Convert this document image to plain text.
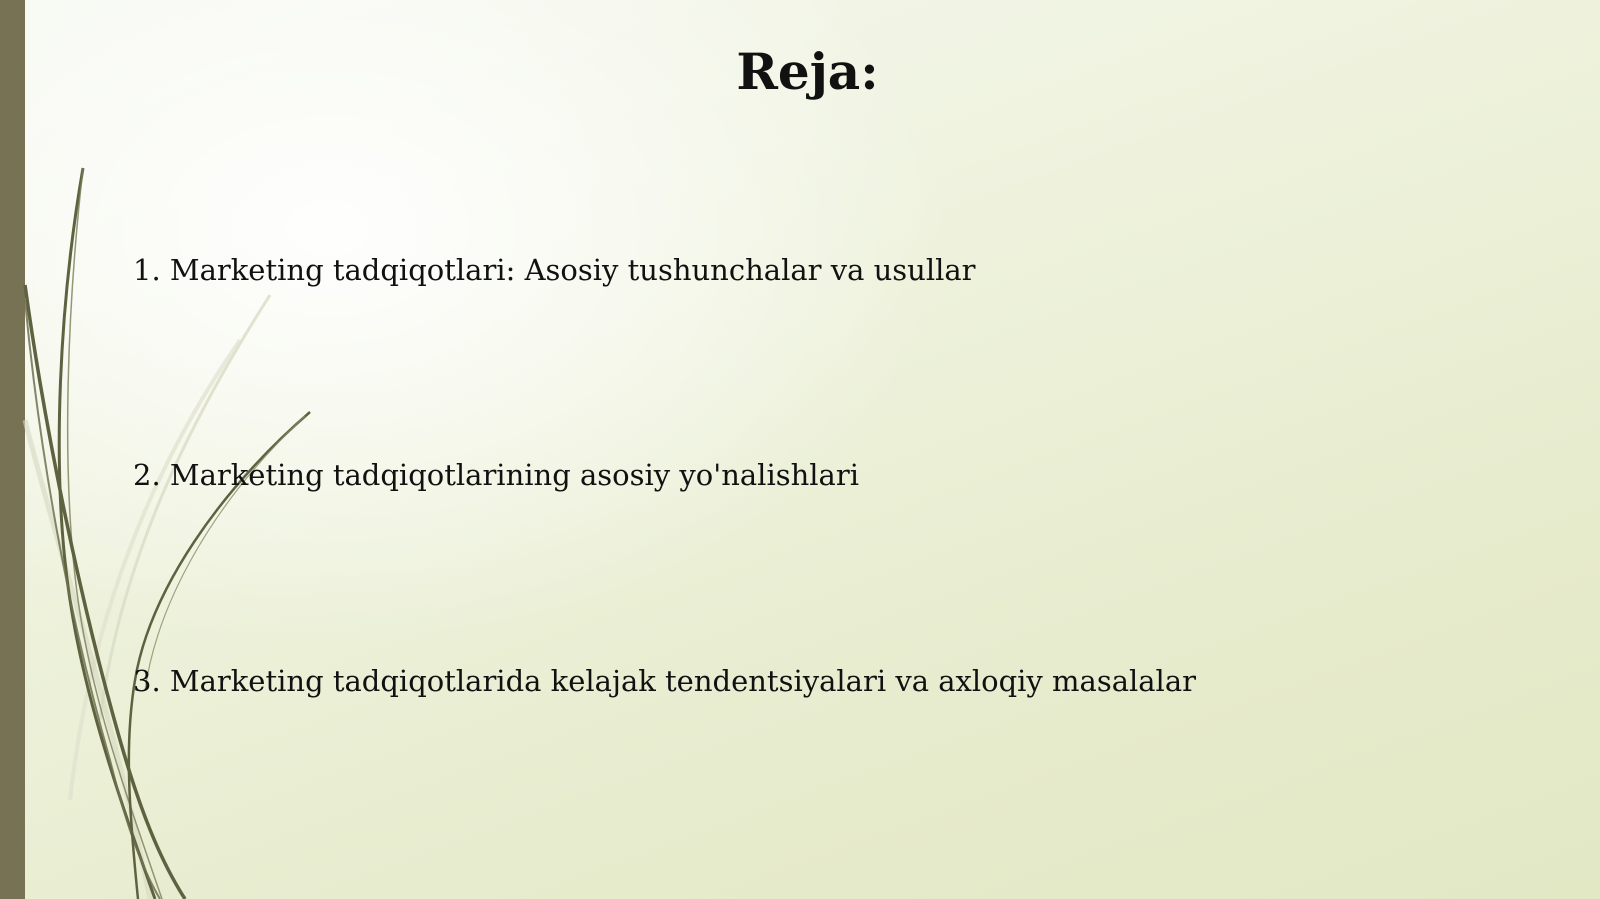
Reja:
1. Marketing tadqiqotlari: Asosiy tushunchalar va usullar
2. Marketing tadqiqotlarining asosiy yo'nalishlari
3. Marketing tadqiqotlarida kelajak tendentsiyalari va axloqiy masalalar
